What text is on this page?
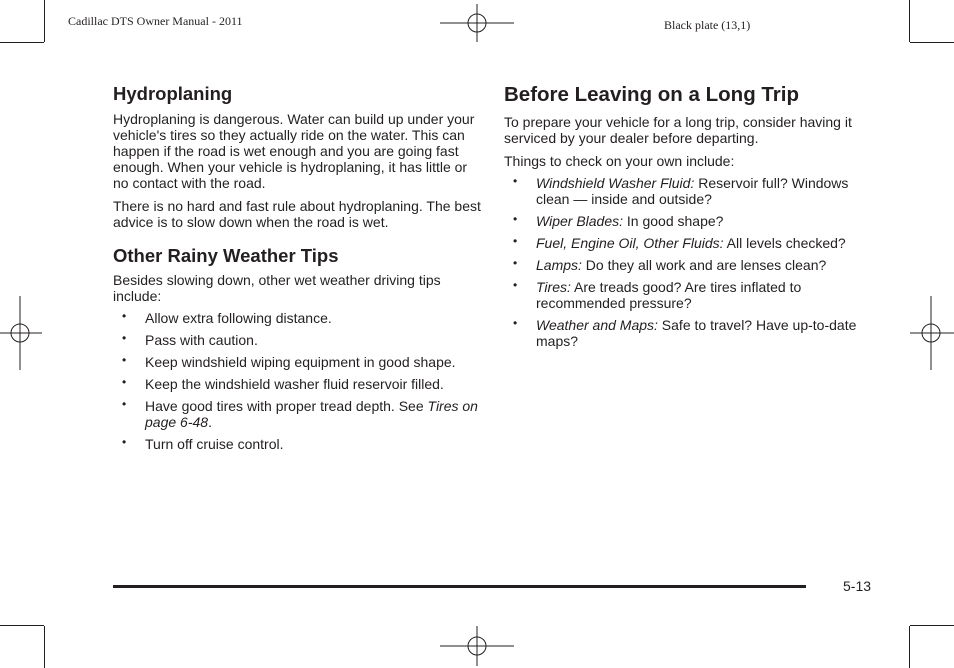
Cadillac DTS Owner Manual - 2011	Black plate (13,1)
Hydroplaning

Hydroplaning is dangerous. Water can build up under your vehicle's tires so they actually ride on the water. This can happen if the road is wet enough and you are going fast enough. When your vehicle is hydroplaning, it has little or no contact with the road.

There is no hard and fast rule about hydroplaning. The best advice is to slow down when the road is wet.

Other Rainy Weather Tips

Besides slowing down, other wet weather driving tips include:

• Allow extra following distance.
• Pass with caution.
• Keep windshield wiping equipment in good shape.
• Keep the windshield washer fluid reservoir filled.
• Have good tires with proper tread depth. See Tires on page 6‑48.
• Turn off cruise control.
Before Leaving on a Long Trip

To prepare your vehicle for a long trip, consider having it serviced by your dealer before departing.

Things to check on your own include:

• Windshield Washer Fluid: Reservoir full? Windows clean — inside and outside?
• Wiper Blades: In good shape?
• Fuel, Engine Oil, Other Fluids: All levels checked?
• Lamps: Do they all work and are lenses clean?
• Tires: Are treads good? Are tires inflated to recommended pressure?
• Weather and Maps: Safe to travel? Have up-to-date maps?
5-13
